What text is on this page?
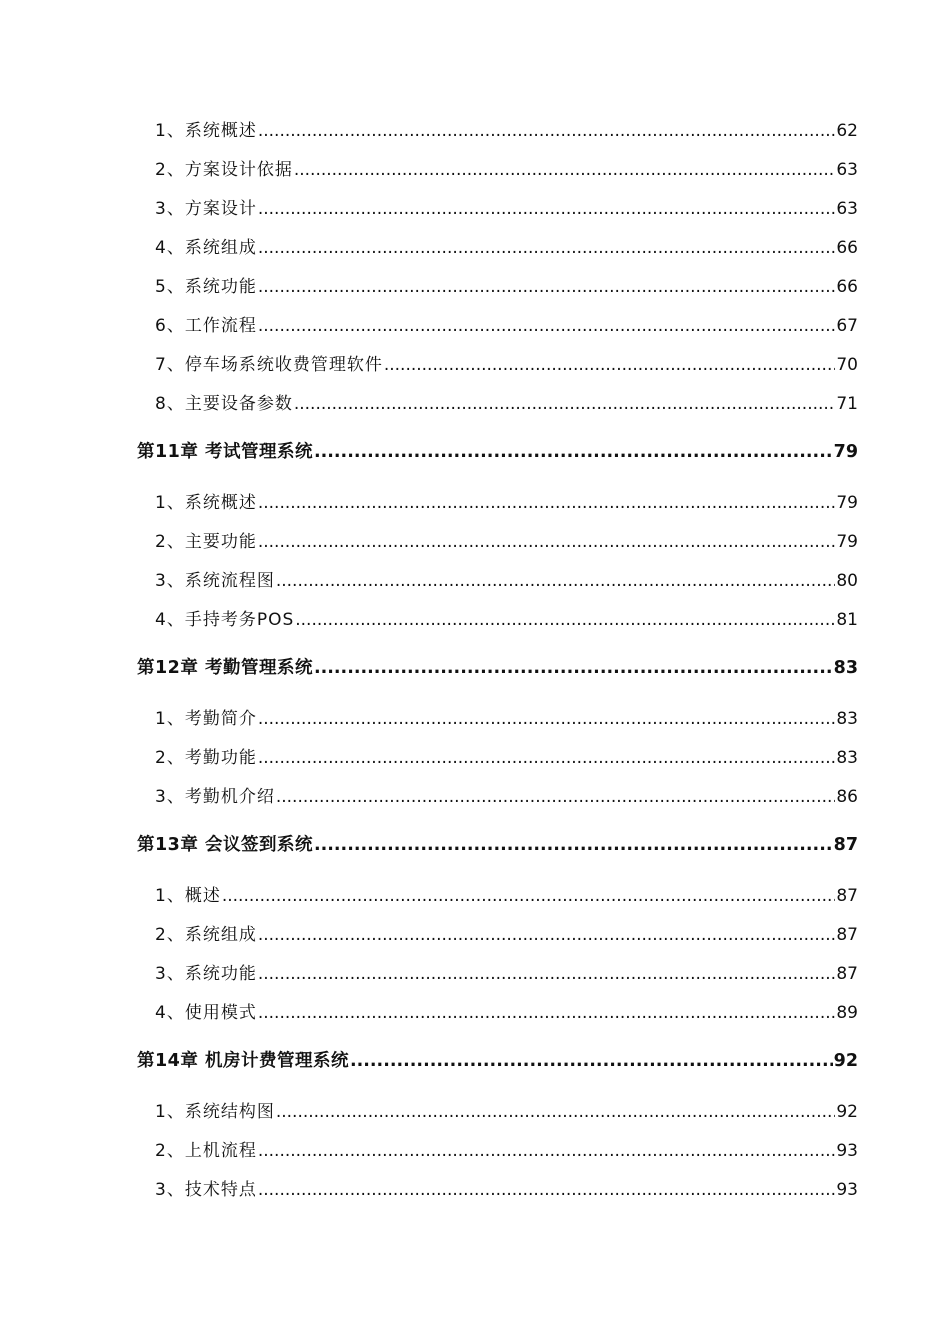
1、系统概述 .....	62
2、方案设计依据 .....	63
3、方案设计 .....	63
4、系统组成 .....	66
5、系统功能 .....	66
6、工作流程 .....	67
7、停车场系统收费管理软件 .....	70
8、主要设备参数 .....	71
第11章 考试管理系统 .....	79
1、系统概述 .....	79
2、主要功能 .....	79
3、系统流程图 .....	80
4、手持考务POS .....	81
第12章 考勤管理系统 .....	83
1、考勤简介 .....	83
2、考勤功能 .....	83
3、考勤机介绍 .....	86
第13章 会议签到系统 .....	87
1、概述 .....	87
2、系统组成 .....	87
3、系统功能 .....	87
4、使用模式 .....	89
第14章 机房计费管理系统 .....	92
1、系统结构图 .....	92
2、上机流程 .....	93
3、技术特点 .....	93
